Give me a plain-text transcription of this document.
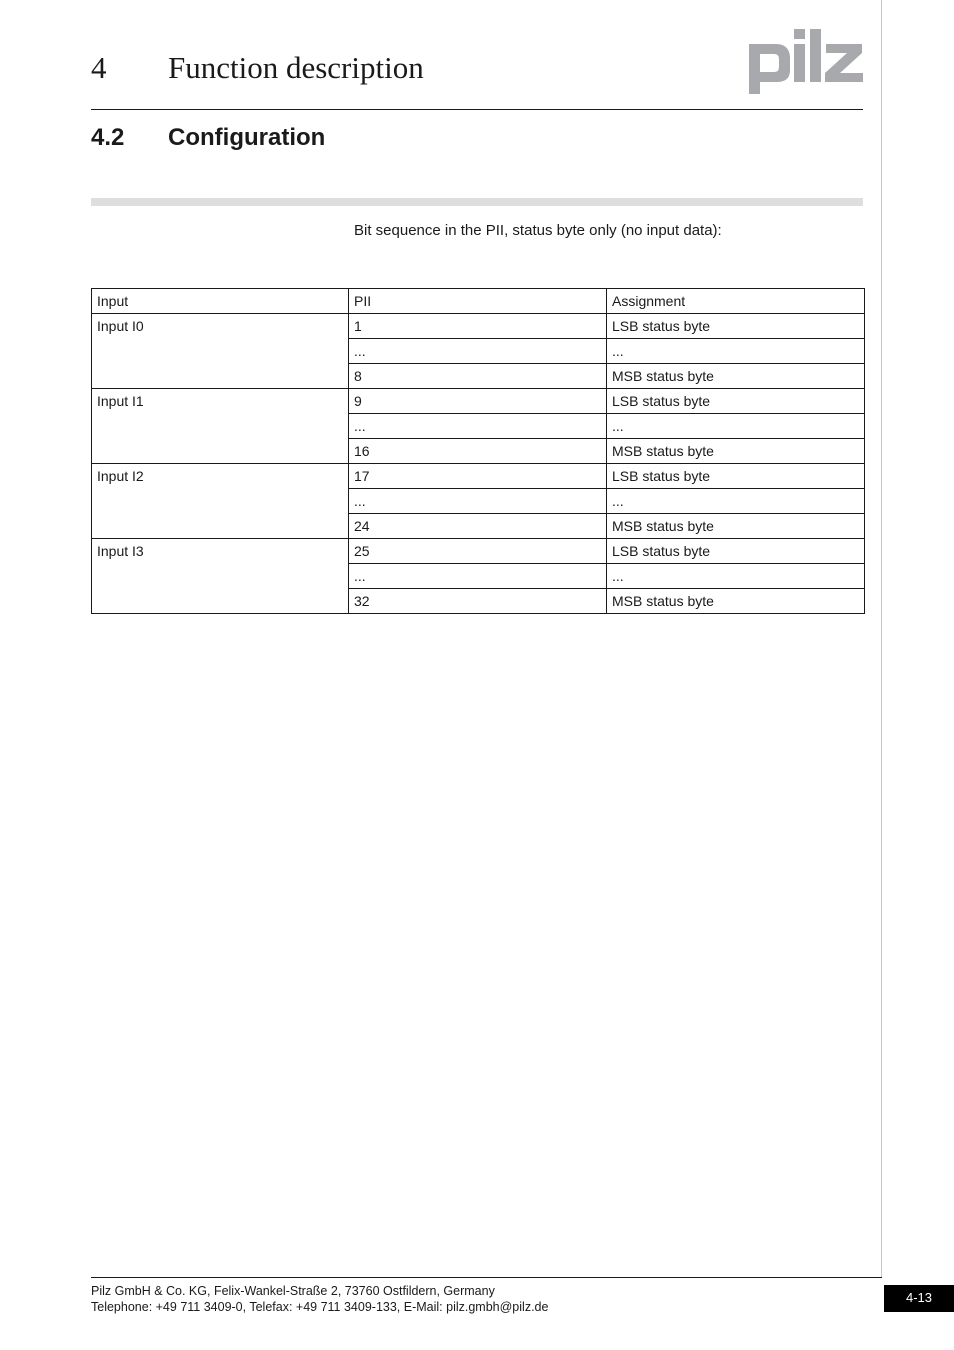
4 Function description
4.2 Configuration
Bit sequence in the PII, status byte only (no input data):
Input	PII	Assignment
Input I0	1	LSB status byte
	...	...
	8	MSB status byte
Input I1	9	LSB status byte
	...	...
	16	MSB status byte
Input I2	17	LSB status byte
	...	...
	24	MSB status byte
Input I3	25	LSB status byte
	...	...
	32	MSB status byte
Pilz GmbH & Co. KG, Felix-Wankel-Straße 2, 73760 Ostfildern, Germany
Telephone: +49 711 3409-0, Telefax: +49 711 3409-133, E-Mail: pilz.gmbh@pilz.de
4-13
